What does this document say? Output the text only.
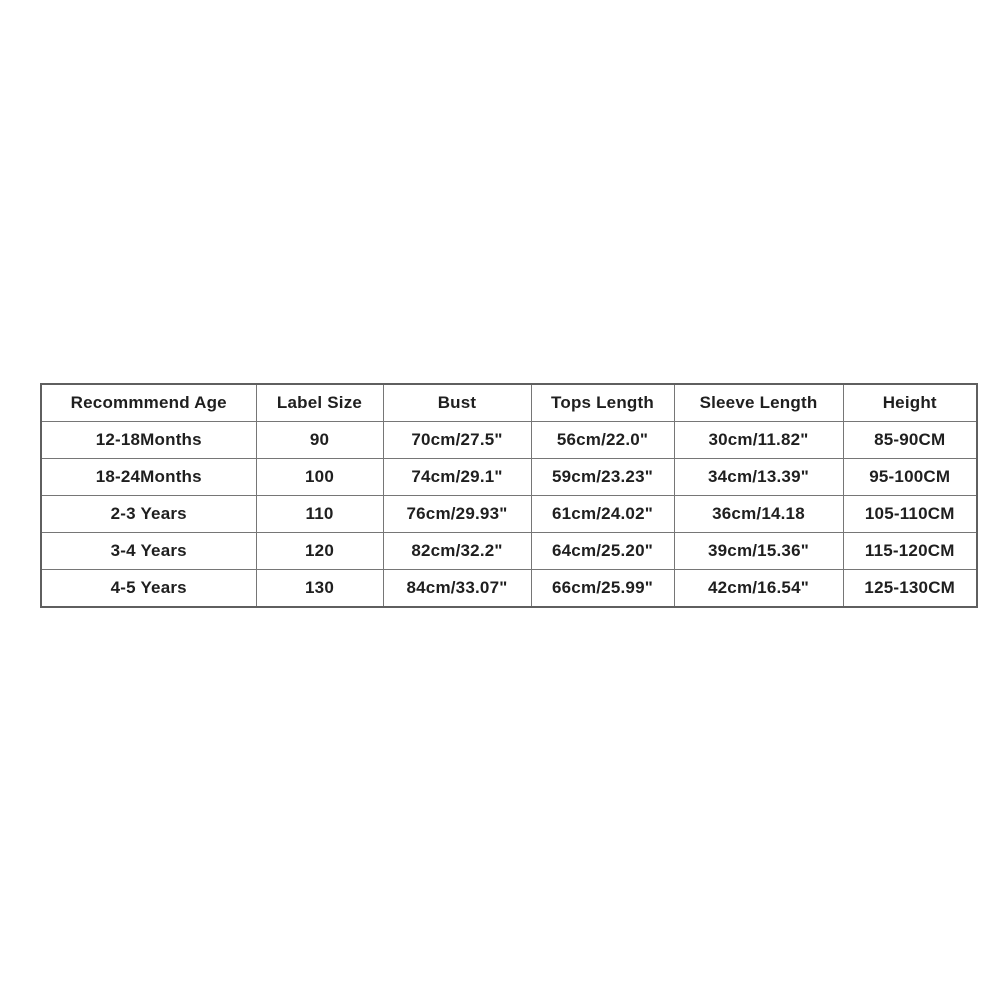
Recommmend Age	Label Size	Bust	Tops Length	Sleeve Length	Height
12-18Months	90	70cm/27.5"	56cm/22.0"	30cm/11.82"	85-90CM
18-24Months	100	74cm/29.1"	59cm/23.23"	34cm/13.39"	95-100CM
2-3 Years	110	76cm/29.93"	61cm/24.02"	36cm/14.18	105-110CM
3-4 Years	120	82cm/32.2"	64cm/25.20"	39cm/15.36"	115-120CM
4-5 Years	130	84cm/33.07"	66cm/25.99"	42cm/16.54"	125-130CM
